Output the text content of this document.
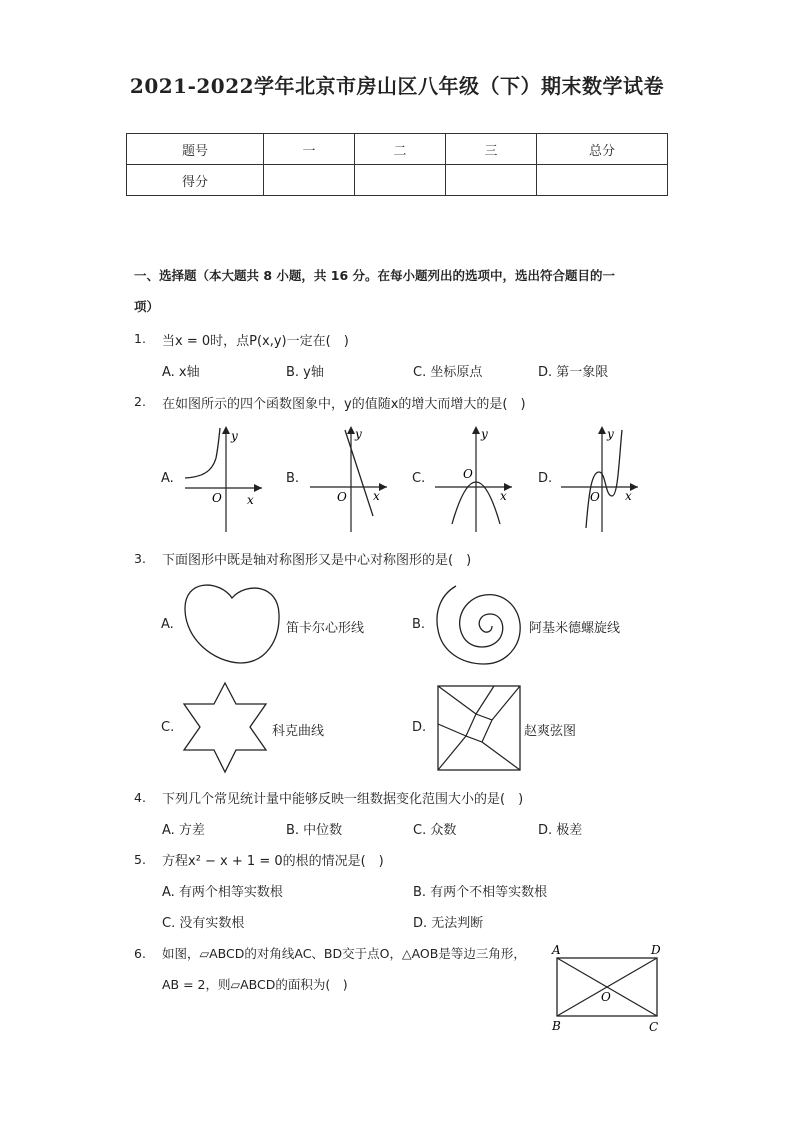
2021-2022学年北京市房山区八年级（下）期末数学试卷
题号	一	二	三	总分
得分				
一、选择题（本大题共 8 小题，共 16 分。在每小题列出的选项中，选出符合题目的一
项）
1. 当x = 0时，点P(x,y)一定在(　)
A. x轴	B. y轴	C. 坐标原点	D. 第一象限
2. 在如图所示的四个函数图象中，y的值随x的增大而增大的是(　)
A.	B.	C.	D.
y
O x
y
O x
y
O
x
y
O x
3. 下面图形中既是轴对称图形又是中心对称图形的是(　)
A.	笛卡尔心形线	B.	阿基米德螺旋线
C.	科克曲线	D.	赵爽弦图
4. 下列几个常见统计量中能够反映一组数据变化范围大小的是(　)
A. 方差	B. 中位数	C. 众数	D. 极差
5. 方程x² − x + 1 = 0的根的情况是(　)
A. 有两个相等实数根	B. 有两个不相等实数根
C. 没有实数根	D. 无法判断
6. 如图，▱ABCD的对角线AC、BD交于点O，△AOB是等边三角形，
AB = 2，则▱ABCD的面积为(　)
A	D
O
B	C
